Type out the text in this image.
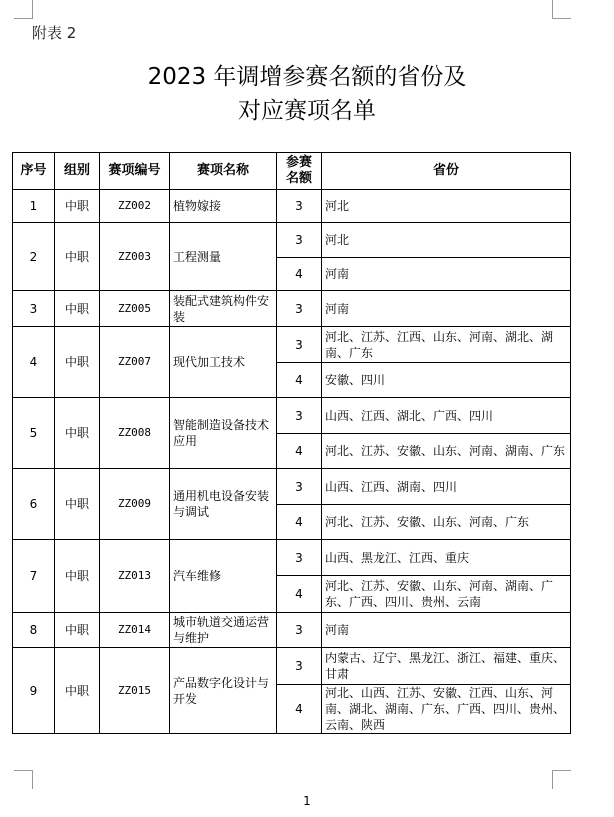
附表 2
2023 年调增参赛名额的省份及
对应赛项名单
序号	组别	赛项编号	赛项名称	参赛名额	省份
1	中职	ZZ002	植物嫁接	3	河北
2	中职	ZZ003	工程测量	3	河北
				4	河南
3	中职	ZZ005	装配式建筑构件安装	3	河南
4	中职	ZZ007	现代加工技术	3	河北、江苏、江西、山东、河南、湖北、湖南、广东
				4	安徽、四川
5	中职	ZZ008	智能制造设备技术应用	3	山西、江西、湖北、广西、四川
				4	河北、江苏、安徽、山东、河南、湖南、广东
6	中职	ZZ009	通用机电设备安装与调试	3	山西、江西、湖南、四川
				4	河北、江苏、安徽、山东、河南、广东
7	中职	ZZ013	汽车维修	3	山西、黑龙江、江西、重庆
				4	河北、江苏、安徽、山东、河南、湖南、广东、广西、四川、贵州、云南
8	中职	ZZ014	城市轨道交通运营与维护	3	河南
9	中职	ZZ015	产品数字化设计与开发	3	内蒙古、辽宁、黑龙江、浙江、福建、重庆、甘肃
				4	河北、山西、江苏、安徽、江西、山东、河南、湖北、湖南、广东、广西、四川、贵州、云南、陕西
1
